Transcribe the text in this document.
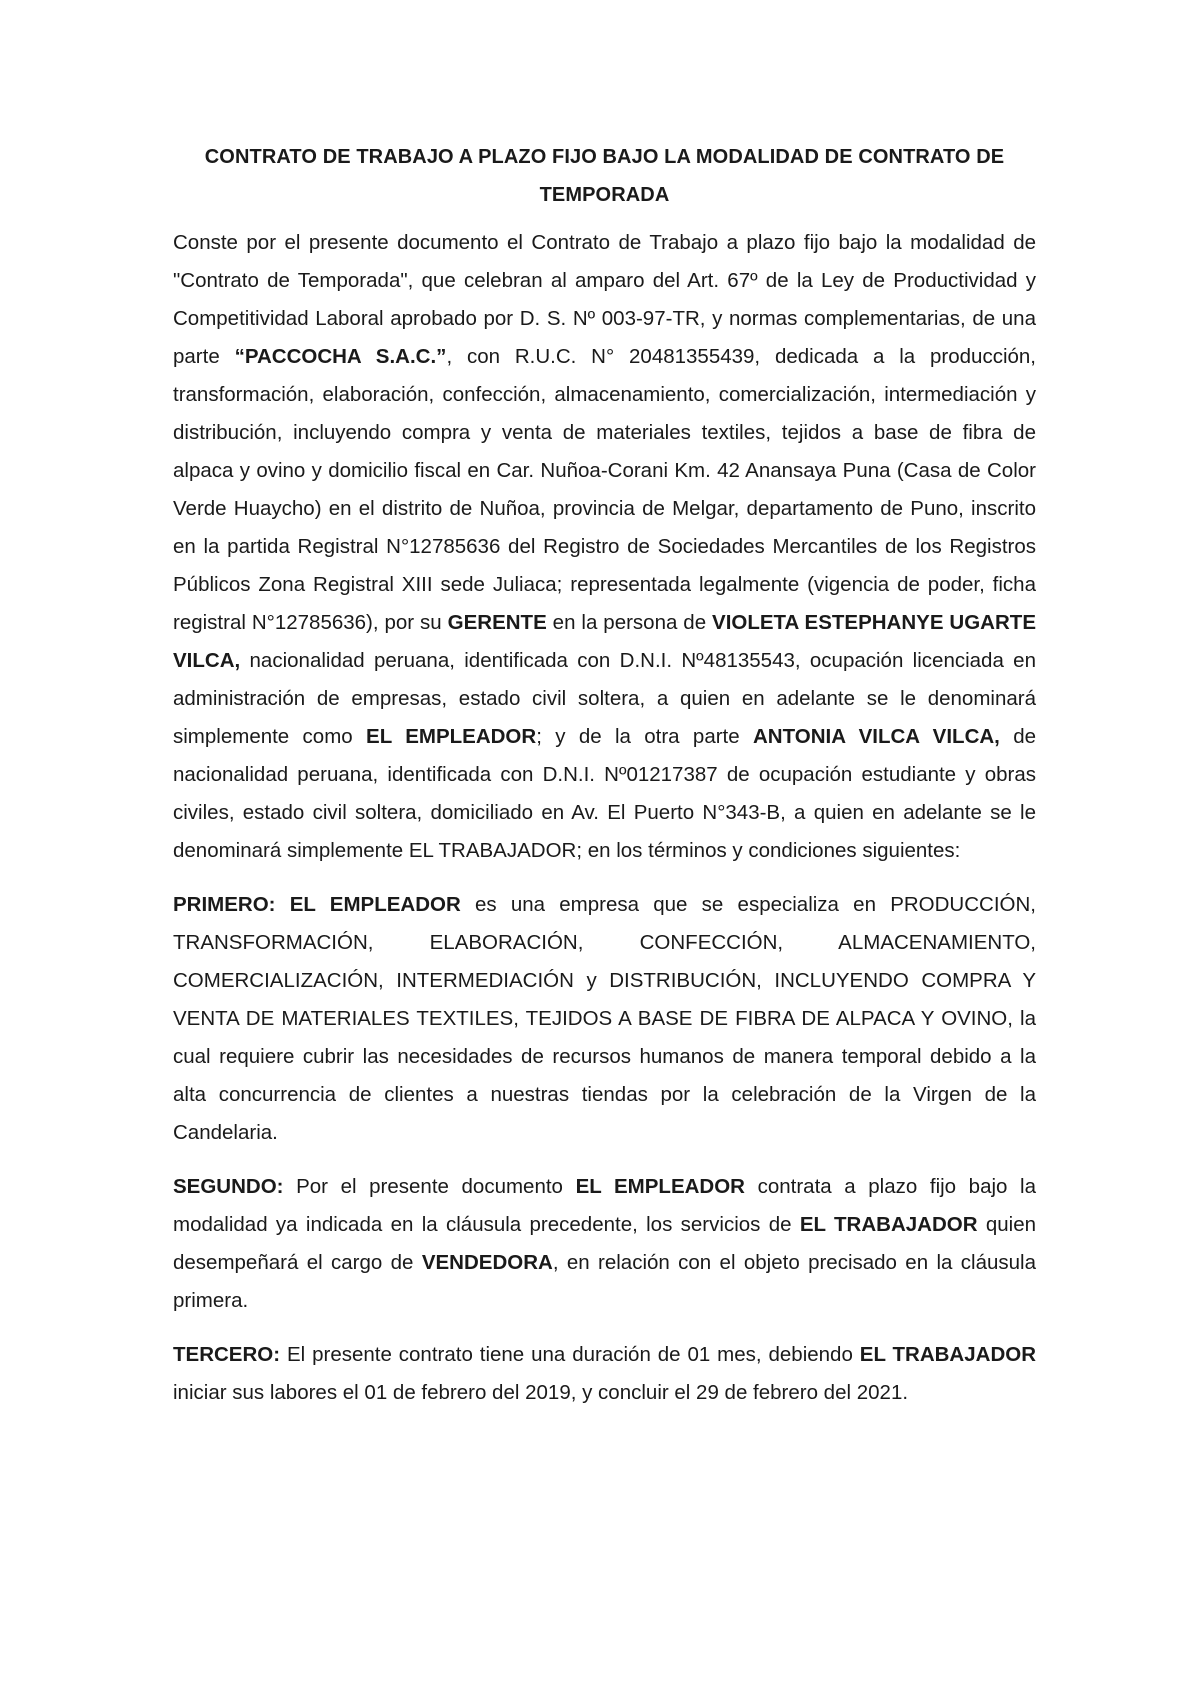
CONTRATO DE TRABAJO A PLAZO FIJO BAJO LA MODALIDAD DE CONTRATO DE TEMPORADA

Conste por el presente documento el Contrato de Trabajo a plazo fijo bajo la modalidad de "Contrato de Temporada", que celebran al amparo del Art. 67º de la Ley de Productividad y Competitividad Laboral aprobado por D. S. Nº 003-97-TR, y normas complementarias, de una parte “PACCOCHA S.A.C.”, con R.U.C. N° 20481355439, dedicada a la producción, transformación, elaboración, confección, almacenamiento, comercialización, intermediación y distribución, incluyendo compra y venta de materiales textiles, tejidos a base de fibra de alpaca y ovino y domicilio fiscal en Car. Nuñoa-Corani Km. 42 Anansaya Puna (Casa de Color Verde Huaycho) en el distrito de Nuñoa, provincia de Melgar, departamento de Puno, inscrito en la partida Registral N°12785636 del Registro de Sociedades Mercantiles de los Registros Públicos Zona Registral XIII sede Juliaca; representada legalmente (vigencia de poder, ficha registral N°12785636), por su GERENTE en la persona de VIOLETA ESTEPHANYE UGARTE VILCA, nacionalidad peruana, identificada con D.N.I. Nº48135543, ocupación licenciada en administración de empresas, estado civil soltera, a quien en adelante se le denominará simplemente como EL EMPLEADOR; y de la otra parte ANTONIA VILCA VILCA, de nacionalidad peruana, identificada con D.N.I. Nº01217387 de ocupación estudiante y obras civiles, estado civil soltera, domiciliado en Av. El Puerto N°343-B, a quien en adelante se le denominará simplemente EL TRABAJADOR; en los términos y condiciones siguientes:

PRIMERO: EL EMPLEADOR es una empresa que se especializa en PRODUCCIÓN, TRANSFORMACIÓN, ELABORACIÓN, CONFECCIÓN, ALMACENAMIENTO, COMERCIALIZACIÓN, INTERMEDIACIÓN y DISTRIBUCIÓN, INCLUYENDO COMPRA Y VENTA DE MATERIALES TEXTILES, TEJIDOS A BASE DE FIBRA DE ALPACA Y OVINO, la cual requiere cubrir las necesidades de recursos humanos de manera temporal debido a la alta concurrencia de clientes a nuestras tiendas por la celebración de la Virgen de la Candelaria.

SEGUNDO: Por el presente documento EL EMPLEADOR contrata a plazo fijo bajo la modalidad ya indicada en la cláusula precedente, los servicios de EL TRABAJADOR quien desempeñará el cargo de VENDEDORA, en relación con el objeto precisado en la cláusula primera.

TERCERO: El presente contrato tiene una duración de 01 mes, debiendo EL TRABAJADOR iniciar sus labores el 01 de febrero del 2019, y concluir el 29 de febrero del 2021.
